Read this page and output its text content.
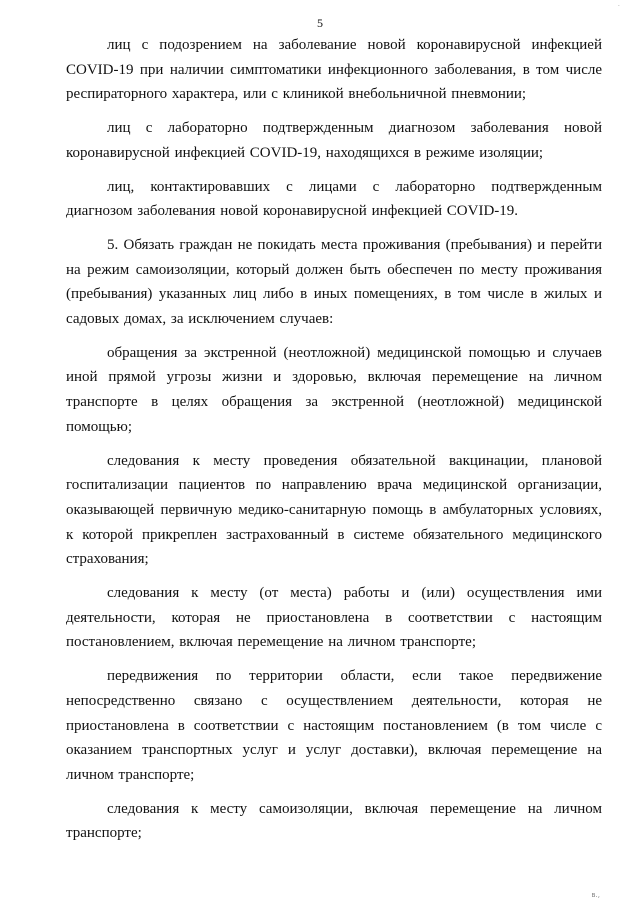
·
5

лиц с подозрением на заболевание новой коронавирусной инфекцией COVID-19 при наличии симптоматики инфекционного заболевания, в том числе респираторного характера, или с клиникой внебольничной пневмонии;

лиц с лабораторно подтвержденным диагнозом заболевания новой коронавирусной инфекцией COVID-19, находящихся в режиме изоляции;

лиц, контактировавших с лицами с лабораторно подтвержденным диагнозом заболевания новой коронавирусной инфекцией COVID-19.

5. Обязать граждан не покидать места проживания (пребывания) и перейти на режим самоизоляции, который должен быть обеспечен по месту проживания (пребывания) указанных лиц либо в иных помещениях, в том числе в жилых и садовых домах, за исключением случаев:

обращения за экстренной (неотложной) медицинской помощью и случаев иной прямой угрозы жизни и здоровью, включая перемещение на личном транспорте в целях обращения за экстренной (неотложной) медицинской помощью;

следования к месту проведения обязательной вакцинации, плановой госпитализации пациентов по направлению врача медицинской организации, оказывающей первичную медико-санитарную помощь в амбулаторных условиях, к которой прикреплен застрахованный в системе обязательного медицинского страхования;

следования к месту (от места) работы и (или) осуществления ими деятельности, которая не приостановлена в соответствии с настоящим постановлением, включая перемещение на личном транспорте;

передвижения по территории области, если такое передвижение непосредственно связано с осуществлением деятельности, которая не приостановлена в соответствии с настоящим постановлением (в том числе с оказанием транспортных услуг и услуг доставки), включая перемещение на личном транспорте;

следования к месту самоизоляции, включая перемещение на личном транспорте;

в.,
